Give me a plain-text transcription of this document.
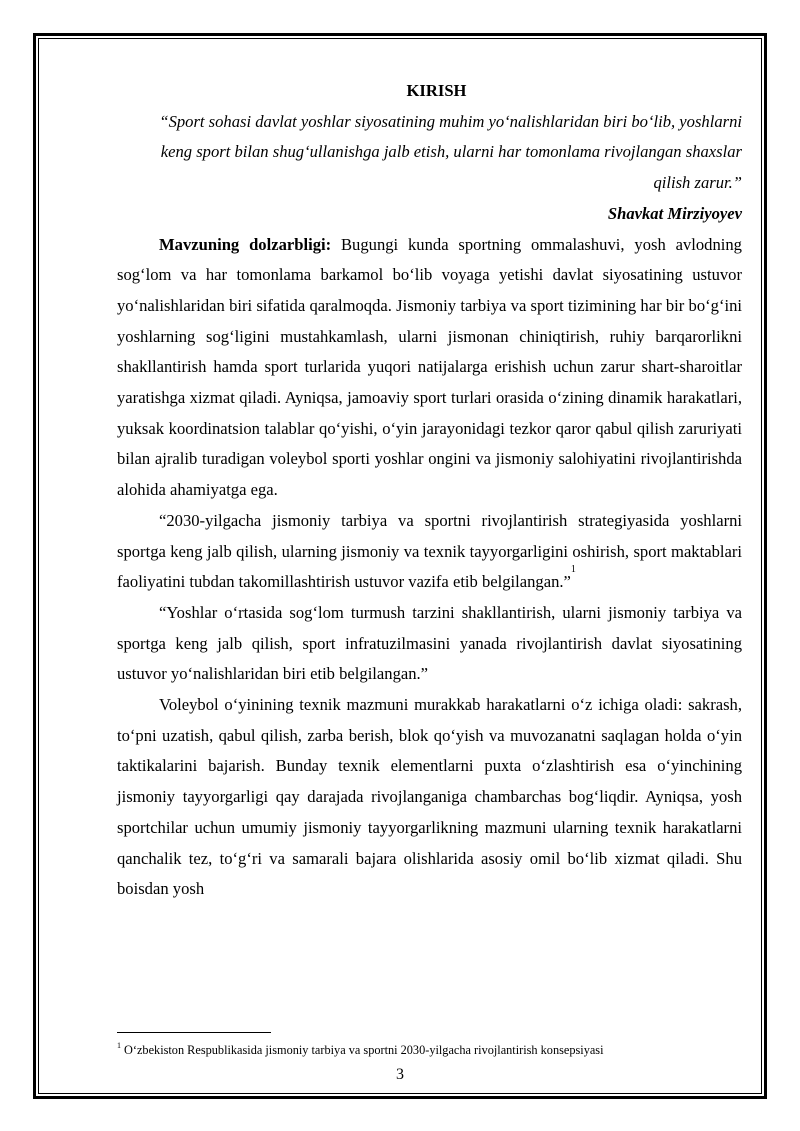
KIRISH

“Sport sohasi davlat yoshlar siyosatining muhim yo‘nalishlaridan biri bo‘lib, yoshlarni keng sport bilan shug‘ullanishga jalb etish, ularni har tomonlama rivojlangan shaxslar qilish zarur.”

Shavkat Mirziyoyev

Mavzuning dolzarbligi: Bugungi kunda sportning ommalashuvi, yosh avlodning sog‘lom va har tomonlama barkamol bo‘lib voyaga yetishi davlat siyosatining ustuvor yo‘nalishlaridan biri sifatida qaralmoqda. Jismoniy tarbiya va sport tizimining har bir bo‘g‘ini yoshlarning sog‘ligini mustahkamlash, ularni jismonan chiniqtirish, ruhiy barqarorlikni shakllantirish hamda sport turlarida yuqori natijalarga erishish uchun zarur shart-sharoitlar yaratishga xizmat qiladi. Ayniqsa, jamoaviy sport turlari orasida o‘zining dinamik harakatlari, yuksak koordinatsion talablar qo‘yishi, o‘yin jarayonidagi tezkor qaror qabul qilish zaruriyati bilan ajralib turadigan voleybol sporti yoshlar ongini va jismoniy salohiyatini rivojlantirishda alohida ahamiyatga ega.

“2030-yilgacha jismoniy tarbiya va sportni rivojlantirish strategiyasida yoshlarni sportga keng jalb qilish, ularning jismoniy va texnik tayyorgarligini oshirish, sport maktablari faoliyatini tubdan takomillashtirish ustuvor vazifa etib belgilangan.”$^1$

“Yoshlar o‘rtasida sog‘lom turmush tarzini shakllantirish, ularni jismoniy tarbiya va sportga keng jalb qilish, sport infratuzilmasini yanada rivojlantirish davlat siyosatining ustuvor yo‘nalishlaridan biri etib belgilangan.”

Voleybol o‘yinining texnik mazmuni murakkab harakatlarni o‘z ichiga oladi: sakrash, to‘pni uzatish, qabul qilish, zarba berish, blok qo‘yish va muvozanatni saqlagan holda o‘yin taktikalarini bajarish. Bunday texnik elementlarni puxta o‘zlashtirish esa o‘yinchining jismoniy tayyorgarligi qay darajada rivojlanganiga chambarchas bog‘liqdir. Ayniqsa, yosh sportchilar uchun umumiy jismoniy tayyorgarlikning mazmuni ularning texnik harakatlarni qanchalik tez, to‘g‘ri va samarali bajara olishlarida asosiy omil bo‘lib xizmat qiladi. Shu boisdan yosh

$^1$ O‘zbekiston Respublikasida jismoniy tarbiya va sportni 2030-yilgacha rivojlantirish konsepsiyasi
3
